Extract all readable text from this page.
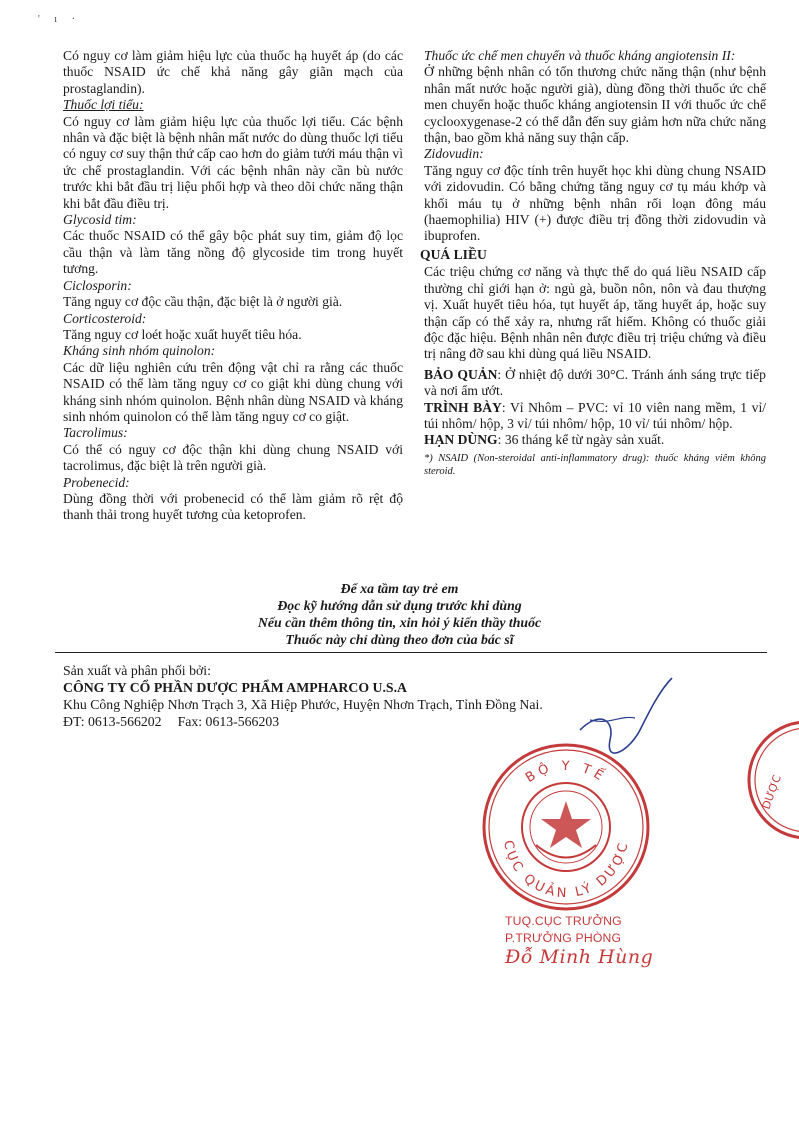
' ı ·

Có nguy cơ làm giảm hiệu lực của thuốc hạ huyết áp (do các thuốc NSAID ức chế khả năng gây giãn mạch của prostaglandin).

Thuốc lợi tiểu:

Có nguy cơ làm giảm hiệu lực của thuốc lợi tiểu. Các bệnh nhân và đặc biệt là bệnh nhân mất nước do dùng thuốc lợi tiểu có nguy cơ suy thận thứ cấp cao hơn do giảm tưới máu thận vì ức chế prostaglandin. Với các bệnh nhân này cần bù nước trước khi bắt đầu trị liệu phối hợp và theo dõi chức năng thận khi bắt đầu điều trị.

Glycosid tim:

Các thuốc NSAID có thể gây bộc phát suy tim, giảm độ lọc cầu thận và làm tăng nồng độ glycoside tim trong huyết tương.

Ciclosporin:

Tăng nguy cơ độc cầu thận, đặc biệt là ở người già.

Corticosteroid:

Tăng nguy cơ loét hoặc xuất huyết tiêu hóa.

Kháng sinh nhóm quinolon:

Các dữ liệu nghiên cứu trên động vật chỉ ra rằng các thuốc NSAID có thể làm tăng nguy cơ co giật khi dùng chung với kháng sinh nhóm quinolon. Bệnh nhân dùng NSAID và kháng sinh nhóm quinolon có thể làm tăng nguy cơ co giật.

Tacrolimus:

Có thể có nguy cơ độc thận khi dùng chung NSAID với tacrolimus, đặc biệt là trên người già.

Probenecid:

Dùng đồng thời với probenecid có thể làm giảm rõ rệt độ thanh thải trong huyết tương của ketoprofen.

Thuốc ức chế men chuyển và thuốc kháng angiotensin II:

Ở những bệnh nhân có tổn thương chức năng thận (như bệnh nhân mất nước hoặc người già), dùng đồng thời thuốc ức chế men chuyển hoặc thuốc kháng angiotensin II với thuốc ức chế cyclooxygenase-2 có thể dẫn đến suy giảm hơn nữa chức năng thận, bao gồm khả năng suy thận cấp.

Zidovudin:

Tăng nguy cơ độc tính trên huyết học khi dùng chung NSAID với zidovudin. Có bằng chứng tăng nguy cơ tụ máu khớp và khối máu tụ ở những bệnh nhân rối loạn đông máu (haemophilia) HIV (+) được điều trị đồng thời zidovudin và ibuprofen.

QUÁ LIỀU

Các triệu chứng cơ năng và thực thể do quá liều NSAID cấp thường chỉ giới hạn ở: ngủ gà, buồn nôn, nôn và đau thượng vị. Xuất huyết tiêu hóa, tụt huyết áp, tăng huyết áp, hoặc suy thận cấp có thể xảy ra, nhưng rất hiếm. Không có thuốc giải độc đặc hiệu. Bệnh nhân nên được điều trị triệu chứng và điều trị nâng đỡ sau khi dùng quá liều NSAID.

BẢO QUẢN: Ở nhiệt độ dưới 30°C. Tránh ánh sáng trực tiếp và nơi ẩm ướt.

TRÌNH BÀY: Vỉ Nhôm – PVC: vỉ 10 viên nang mềm, 1 vỉ/ túi nhôm/ hộp, 3 vỉ/ túi nhôm/ hộp, 10 vỉ/ túi nhôm/ hộp.

HẠN DÙNG: 36 tháng kể từ ngày sản xuất.

*) NSAID (Non-steroidal anti-inflammatory drug): thuốc kháng viêm không steroid.

Để xa tầm tay trẻ em
Đọc kỹ hướng dẫn sử dụng trước khi dùng
Nếu cần thêm thông tin, xin hỏi ý kiến thầy thuốc
Thuốc này chỉ dùng theo đơn của bác sĩ
Sản xuất và phân phối bởi:
CÔNG TY CỔ PHẦN DƯỢC PHẨM AMPHARCO U.S.A
Khu Công Nghiệp Nhơn Trạch 3, Xã Hiệp Phước, Huyện Nhơn Trạch, Tỉnh Đồng Nai.
ĐT: 0613-566202 Fax: 0613-566203
BỘ Y TẾ
CỤC QUẢN LÝ DƯỢC
DƯỢC
TUQ.CỤC TRƯỞNG
P.TRƯỞNG PHÒNG
Đỗ Minh Hùng
